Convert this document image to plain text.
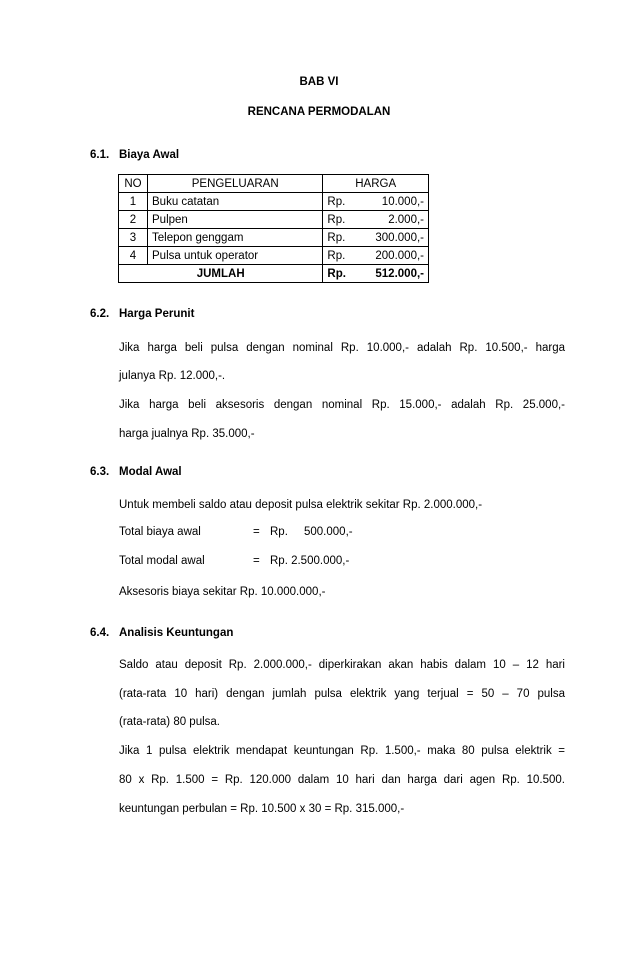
BAB VI
RENCANA PERMODALAN
6.1. Biaya Awal
NO	PENGELUARAN	HARGA	
1	Buku catatan	Rp.	10.000,-
2	Pulpen	Rp.	2.000,-
3	Telepon genggam	Rp.	300.000,-
4	Pulsa untuk operator	Rp.	200.000,-
JUMLAH		Rp.	512.000,-
6.2. Harga Perunit
Jika harga beli pulsa dengan nominal Rp. 10.000,- adalah Rp. 10.500,- harga
julanya Rp. 12.000,-.
Jika harga beli aksesoris dengan nominal Rp. 15.000,- adalah Rp. 25.000,-
harga jualnya Rp. 35.000,-
6.3. Modal Awal
Untuk membeli saldo atau deposit pulsa elektrik sekitar Rp. 2.000.000,-
Total biaya awal	= Rp. 500.000,-
Total modal awal	= Rp. 2.500.000,-
Aksesoris biaya sekitar Rp. 10.000.000,-
6.4. Analisis Keuntungan
Saldo atau deposit Rp. 2.000.000,- diperkirakan akan habis dalam 10 – 12 hari
(rata-rata 10 hari) dengan jumlah pulsa elektrik yang terjual = 50 – 70 pulsa
(rata-rata) 80 pulsa.
Jika 1 pulsa elektrik mendapat keuntungan Rp. 1.500,- maka 80 pulsa elektrik =
80 x Rp. 1.500 = Rp. 120.000 dalam 10 hari dan harga dari agen Rp. 10.500.
keuntungan perbulan = Rp. 10.500 x 30 = Rp. 315.000,-
